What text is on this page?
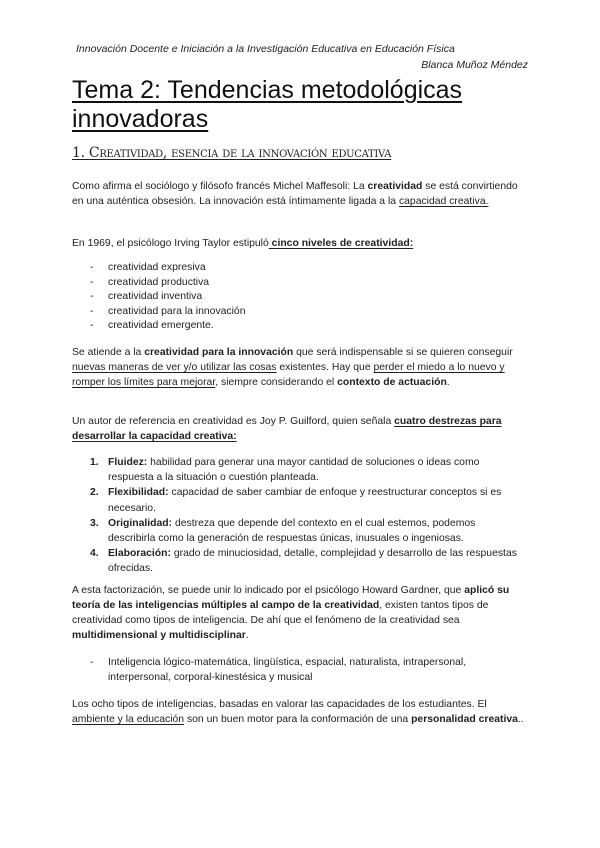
Innovación Docente e Iniciación a la Investigación Educativa en Educación Física
Blanca Muñoz Méndez
Tema 2: Tendencias metodológicas innovadoras
1. Creatividad, esencia de la innovación educativa
Como afirma el sociólogo y filósofo francés Michel Maffesoli: La creatividad se está convirtiendo en una auténtica obsesión. La innovación está íntimamente ligada a la capacidad creativa.
En 1969, el psicólogo Irving Taylor estipuló cinco niveles de creatividad:
- creatividad expresiva
- creatividad productiva
- creatividad inventiva
- creatividad para la innovación
- creatividad emergente.
Se atiende a la creatividad para la innovación que será indispensable si se quieren conseguir nuevas maneras de ver y/o utilizar las cosas existentes. Hay que perder el miedo a lo nuevo y romper los límites para mejorar, siempre considerando el contexto de actuación.
Un autor de referencia en creatividad es Joy P. Guilford, quien señala cuatro destrezas para desarrollar la capacidad creativa:
1. Fluidez: habilidad para generar una mayor cantidad de soluciones o ideas como respuesta a la situación o cuestión planteada.
2. Flexibilidad: capacidad de saber cambiar de enfoque y reestructurar conceptos si es necesario.
3. Originalidad: destreza que depende del contexto en el cual estemos, podemos describirla como la generación de respuestas únicas, inusuales o ingeniosas.
4. Elaboración: grado de minuciosidad, detalle, complejidad y desarrollo de las respuestas ofrecidas.
A esta factorización, se puede unir lo indicado por el psicólogo Howard Gardner, que aplicó su teoría de las inteligencias múltiples al campo de la creatividad, existen tantos tipos de creatividad como tipos de inteligencia. De ahí que el fenómeno de la creatividad sea multidimensional y multidisciplinar.
- Inteligencia lógico-matemática, lingüística, espacial, naturalista, intrapersonal, interpersonal, corporal-kinestésica y musical
Los ocho tipos de inteligencias, basadas en valorar las capacidades de los estudiantes. El ambiente y la educación son un buen motor para la conformación de una personalidad creativa..
